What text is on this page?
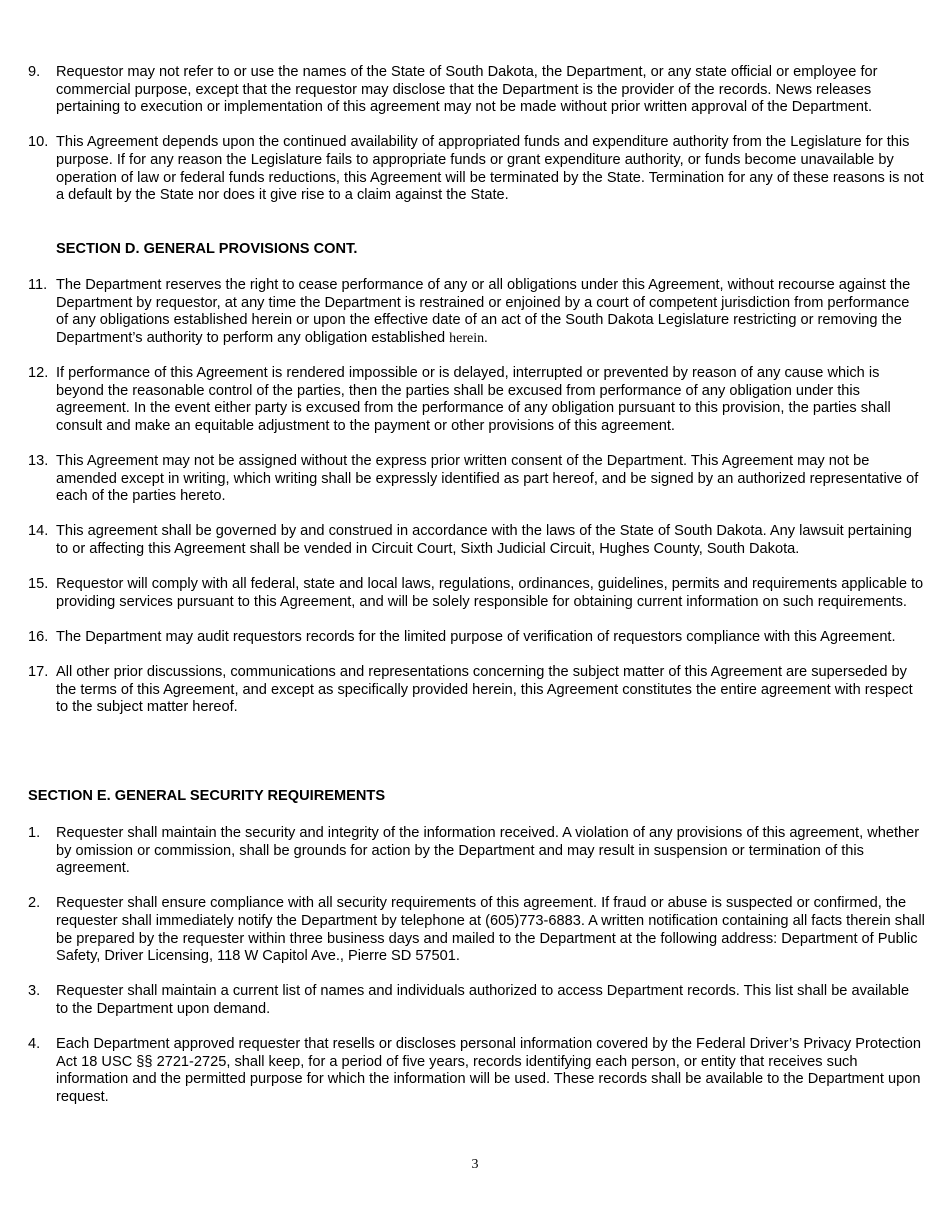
9. Requestor may not refer to or use the names of the State of South Dakota, the Department, or any state official or employee for commercial purpose, except that the requestor may disclose that the Department is the provider of the records. News releases pertaining to execution or implementation of this agreement may not be made without prior written approval of the Department.
10. This Agreement depends upon the continued availability of appropriated funds and expenditure authority from the Legislature for this purpose. If for any reason the Legislature fails to appropriate funds or grant expenditure authority, or funds become unavailable by operation of law or federal funds reductions, this Agreement will be terminated by the State. Termination for any of these reasons is not a default by the State nor does it give rise to a claim against the State.
SECTION D. GENERAL PROVISIONS CONT.
11. The Department reserves the right to cease performance of any or all obligations under this Agreement, without recourse against the Department by requestor, at any time the Department is restrained or enjoined by a court of competent jurisdiction from performance of any obligations established herein or upon the effective date of an act of the South Dakota Legislature restricting or removing the Department’s authority to perform any obligation established herein.
12. If performance of this Agreement is rendered impossible or is delayed, interrupted or prevented by reason of any cause which is beyond the reasonable control of the parties, then the parties shall be excused from performance of any obligation under this agreement. In the event either party is excused from the performance of any obligation pursuant to this provision, the parties shall consult and make an equitable adjustment to the payment or other provisions of this agreement.
13. This Agreement may not be assigned without the express prior written consent of the Department. This Agreement may not be amended except in writing, which writing shall be expressly identified as part hereof, and be signed by an authorized representative of each of the parties hereto.
14. This agreement shall be governed by and construed in accordance with the laws of the State of South Dakota. Any lawsuit pertaining to or affecting this Agreement shall be vended in Circuit Court, Sixth Judicial Circuit, Hughes County, South Dakota.
15. Requestor will comply with all federal, state and local laws, regulations, ordinances, guidelines, permits and requirements applicable to providing services pursuant to this Agreement, and will be solely responsible for obtaining current information on such requirements.
16. The Department may audit requestors records for the limited purpose of verification of requestors compliance with this Agreement.
17. All other prior discussions, communications and representations concerning the subject matter of this Agreement are superseded by the terms of this Agreement, and except as specifically provided herein, this Agreement constitutes the entire agreement with respect to the subject matter hereof.
SECTION E. GENERAL SECURITY REQUIREMENTS
1. Requester shall maintain the security and integrity of the information received. A violation of any provisions of this agreement, whether by omission or commission, shall be grounds for action by the Department and may result in suspension or termination of this agreement.
2. Requester shall ensure compliance with all security requirements of this agreement. If fraud or abuse is suspected or confirmed, the requester shall immediately notify the Department by telephone at (605)773-6883. A written notification containing all facts therein shall be prepared by the requester within three business days and mailed to the Department at the following address: Department of Public Safety, Driver Licensing, 118 W Capitol Ave., Pierre SD 57501.
3. Requester shall maintain a current list of names and individuals authorized to access Department records. This list shall be available to the Department upon demand.
4. Each Department approved requester that resells or discloses personal information covered by the Federal Driver’s Privacy Protection Act 18 USC §§ 2721-2725, shall keep, for a period of five years, records identifying each person, or entity that receives such information and the permitted purpose for which the information will be used. These records shall be available to the Department upon request.
3
